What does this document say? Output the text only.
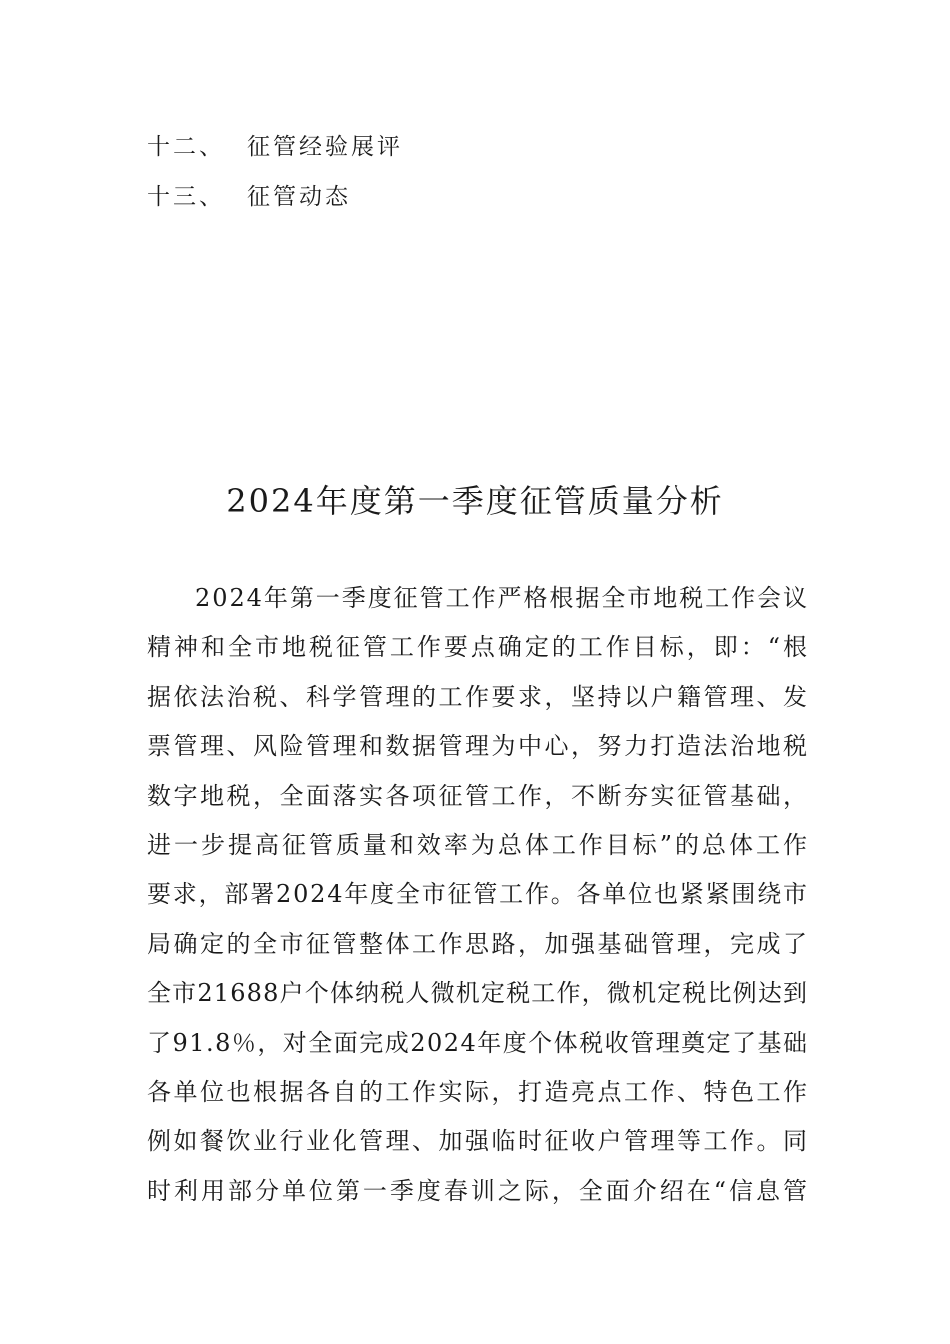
十二、 征管经验展评
十三、 征管动态
2024年度第一季度征管质量分析
2024年第一季度征管工作严格根据全市地税工作会议
精神和全市地税征管工作要点确定的工作目标，即：“根
据依法治税、科学管理的工作要求，坚持以户籍管理、发
票管理、风险管理和数据管理为中心，努力打造法治地税
数字地税，全面落实各项征管工作，不断夯实征管基础，
进一步提高征管质量和效率为总体工作目标”的总体工作
要求，部署2024年度全市征管工作。各单位也紧紧围绕市
局确定的全市征管整体工作思路，加强基础管理，完成了
全市21688户个体纳税人微机定税工作，微机定税比例达到
了91.8％，对全面完成2024年度个体税收管理奠定了基础
各单位也根据各自的工作实际，打造亮点工作、特色工作
例如餐饮业行业化管理、加强临时征收户管理等工作。同
时利用部分单位第一季度春训之际，全面介绍在“信息管
